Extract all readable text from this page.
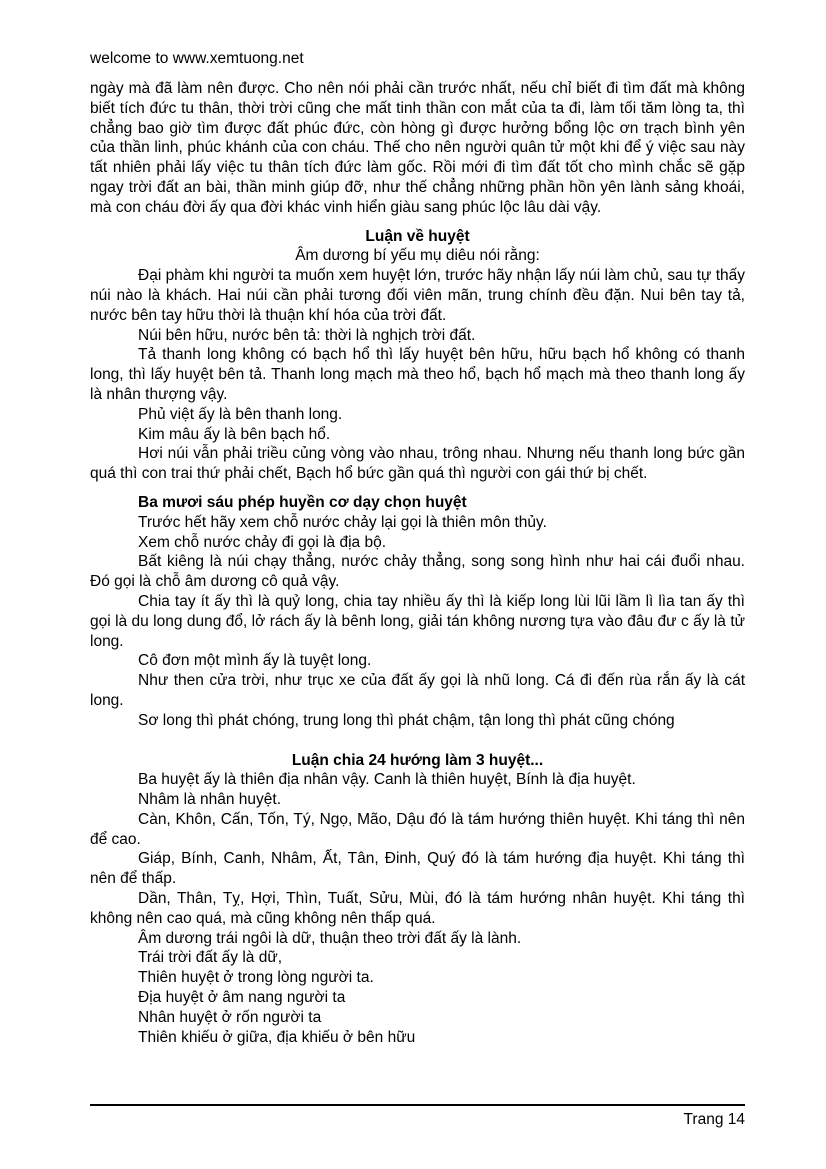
welcome to www.xemtuong.net

ngày mà đã làm nên được. Cho nên nói phải cần trước nhất, nếu chỉ biết đi tìm đất mà không biết tích đức tu thân, thời trời cũng che mất tinh thần con mắt của ta đi, làm tối tăm lòng ta, thì chẳng bao giờ tìm được đất phúc đức, còn hòng gì được hưởng bổng lộc ơn trạch bình yên của thần linh, phúc khánh của con cháu. Thế cho nên người quân tử một khi để ý việc sau này tất nhiên phải lấy việc tu thân tích đức làm gốc. Rồi mới đi tìm đất tốt cho mình chắc sẽ gặp ngay trời đất an bài, thần minh giúp đỡ, như thế chẳng những phần hồn yên lành sảng khoái, mà con cháu đời ấy qua đời khác vinh hiển giàu sang phúc lộc lâu dài vậy.

Luận về huyệt

Âm dương bí yếu mụ diêu nói rằng:

Đại phàm khi người ta muốn xem huyệt lớn, trước hãy nhận lấy núi làm chủ, sau tự thấy núi nào là khách. Hai núi cần phải tương đối viên mãn, trung chính đều đặn. Nui bên tay tả, nước bên tay hữu thời là thuận khí hóa của trời đất.

Núi bên hữu, nước bên tả: thời là nghịch trời đất.

Tả thanh long không có bạch hổ thì lấy huyệt bên hữu, hữu bạch hổ không có thanh long, thì lấy huyệt bên tả. Thanh long mạch mà theo hổ, bạch hổ mạch mà theo thanh long ấy là nhân thượng vậy.

Phủ việt ấy là bên thanh long.

Kim mâu ấy là bên bạch hổ.

Hơi núi vẫn phải triều củng vòng vào nhau, trông nhau. Nhưng nếu thanh long bức gần quá thì con trai thứ phải chết, Bạch hổ bức gần quá thì người con gái thứ bị chết.

Ba mươi sáu phép huyền cơ dạy chọn huyệt

Trước hết hãy xem chỗ nước chảy lại gọi là thiên môn thủy.

Xem chỗ nước chảy đi gọi là địa bộ.

Bất kiêng là núi chạy thẳng, nước chảy thẳng, song song hình như hai cái đuổi nhau. Đó gọi là chỗ âm dương cô quả vậy.

Chia tay ít ấy thì là quỷ long, chia tay nhiều ấy thì là kiếp long lùi lũi lầm lì lìa tan ấy thì gọi là du long dung đổ, lở rách ấy là bênh long, giải tán không nương tựa vào đâu đư c ấy là tử long.

Cô đơn một mình ấy là tuyệt long.

Như then cửa trời, như trục xe của đất ấy gọi là nhũ long. Cá đi đến rùa rắn ấy là cát long.

Sơ long thì phát chóng, trung long thì phát chậm, tận long thì phát cũng chóng

Luận chia 24 hướng làm 3 huyệt...

Ba huyệt ấy là thiên địa nhân vậy. Canh là thiên huyệt, Bính là địa huyệt.

Nhâm là nhân huyệt.

Càn, Khôn, Cấn, Tốn, Tý, Ngọ, Mão, Dậu đó là tám hướng thiên huyệt. Khi táng thì nên để cao.

Giáp, Bính, Canh, Nhâm, Ất, Tân, Đinh, Quý đó là tám hướng địa huyệt. Khi táng thì nên để thấp.

Dần, Thân, Tỵ, Hợi, Thìn, Tuất, Sửu, Mùi, đó là tám hướng nhân huyệt. Khi táng thì không nên cao quá, mà cũng không nên thấp quá.

Âm dương trái ngôi là dữ, thuận theo trời đất ấy là lành.

Trái trời đất ấy là dữ,

Thiên huyệt ở trong lòng người ta.

Địa huyệt ở âm nang người ta

Nhân huyệt ở rốn người ta

Thiên khiếu ở giữa, địa khiếu ở bên hữu

Trang 14
